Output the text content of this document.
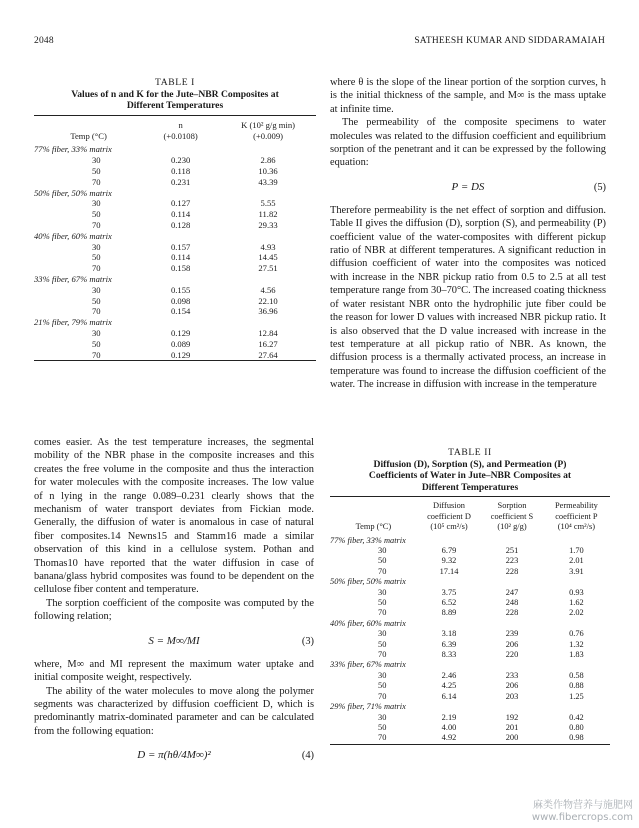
2048	SATHEESH KUMAR AND SIDDARAMAIAH
TABLE I
Values of n and K for the Jute–NBR Composites at
Different Temperatures
	n	K (10² g/g min)
Temp (°C)	(+0.0108)	(+0.009)
77% fiber, 33% matrix		
30	0.230	2.86
50	0.118	10.36
70	0.231	43.39
50% fiber, 50% matrix		
30	0.127	5.55
50	0.114	11.82
70	0.128	29.33
40% fiber, 60% matrix		
30	0.157	4.93
50	0.114	14.45
70	0.158	27.51
33% fiber, 67% matrix		
30	0.155	4.56
50	0.098	22.10
70	0.154	36.96
21% fiber, 79% matrix		
30	0.129	12.84
50	0.089	16.27
70	0.129	27.64

where θ is the slope of the linear portion of the sorption curves, h is the initial thickness of the sample, and M∞ is the mass uptake at infinite time.

The permeability of the composite specimens to water molecules was related to the diffusion coefficient and equilibrium sorption of the penetrant and it can be expressed by the following equation:

P = DS	(5)

Therefore permeability is the net effect of sorption and diffusion. Table II gives the diffusion (D), sorption (S), and permeability (P) coefficient value of the water-composites with different pickup ratio of NBR at different temperatures. A significant reduction in diffusion coefficient of water into the composites was noticed with increase in the NBR pickup ratio from 0.5 to 2.5 at all test temperature range from 30–70°C. The increased coating thickness of water resistant NBR onto the hydrophilic jute fiber could be the reason for lower D values with increased NBR pickup ratio. It is also observed that the D value increased with increase in the test temperature at all pickup ratio of NBR. As known, the diffusion process is a thermally activated process, an increase in temperature was found to increase the diffusion coefficient of the water. The increase in diffusion with increase in the temperature

comes easier. As the test temperature increases, the segmental mobility of the NBR phase in the composite increases and this creates the free volume in the composite and thus the interaction for water molecules with the composite increases. The low value of n lying in the range 0.089–0.231 clearly shows that the mechanism of water transport deviates from Fickian mode. Generally, the diffusion of water is anomalous in case of natural fiber composites.14 Newns15 and Stamm16 made a similar observation of this kind in a cellulose system. Pothan and Thomas10 have reported that the water diffusion in case of banana/glass hybrid composites was found to be dependent on the cellulose fiber content and temperature.

The sorption coefficient of the composite was computed by the following relation;

S = M∞/MI	(3)

where, M∞ and MI represent the maximum water uptake and initial composite weight, respectively.

The ability of the water molecules to move along the polymer segments was characterized by diffusion coefficient D, which is predominantly matrix-dominated parameter and can be calculated from the following equation:

D = π(hθ/4M∞)²	(4)
TABLE II
Diffusion (D), Sorption (S), and Permeation (P)
Coefficients of Water in Jute–NBR Composites at
Different Temperatures
	Diffusion	Sorption	Permeability
	coefficient D	coefficient S	coefficient P
Temp (°C)	(10⁵ cm²/s)	(10² g/g)	(10⁴ cm²/s)
77% fiber, 33% matrix			
30	6.79	251	1.70
50	9.32	223	2.01
70	17.14	228	3.91
50% fiber, 50% matrix			
30	3.75	247	0.93
50	6.52	248	1.62
70	8.89	228	2.02
40% fiber, 60% matrix			
30	3.18	239	0.76
50	6.39	206	1.32
70	8.33	220	1.83
33% fiber, 67% matrix			
30	2.46	233	0.58
50	4.25	206	0.88
70	6.14	203	1.25
29% fiber, 71% matrix			
30	2.19	192	0.42
50	4.00	201	0.80
70	4.92	200	0.98

麻类作物营养与施肥网
www.fibercrops.com
